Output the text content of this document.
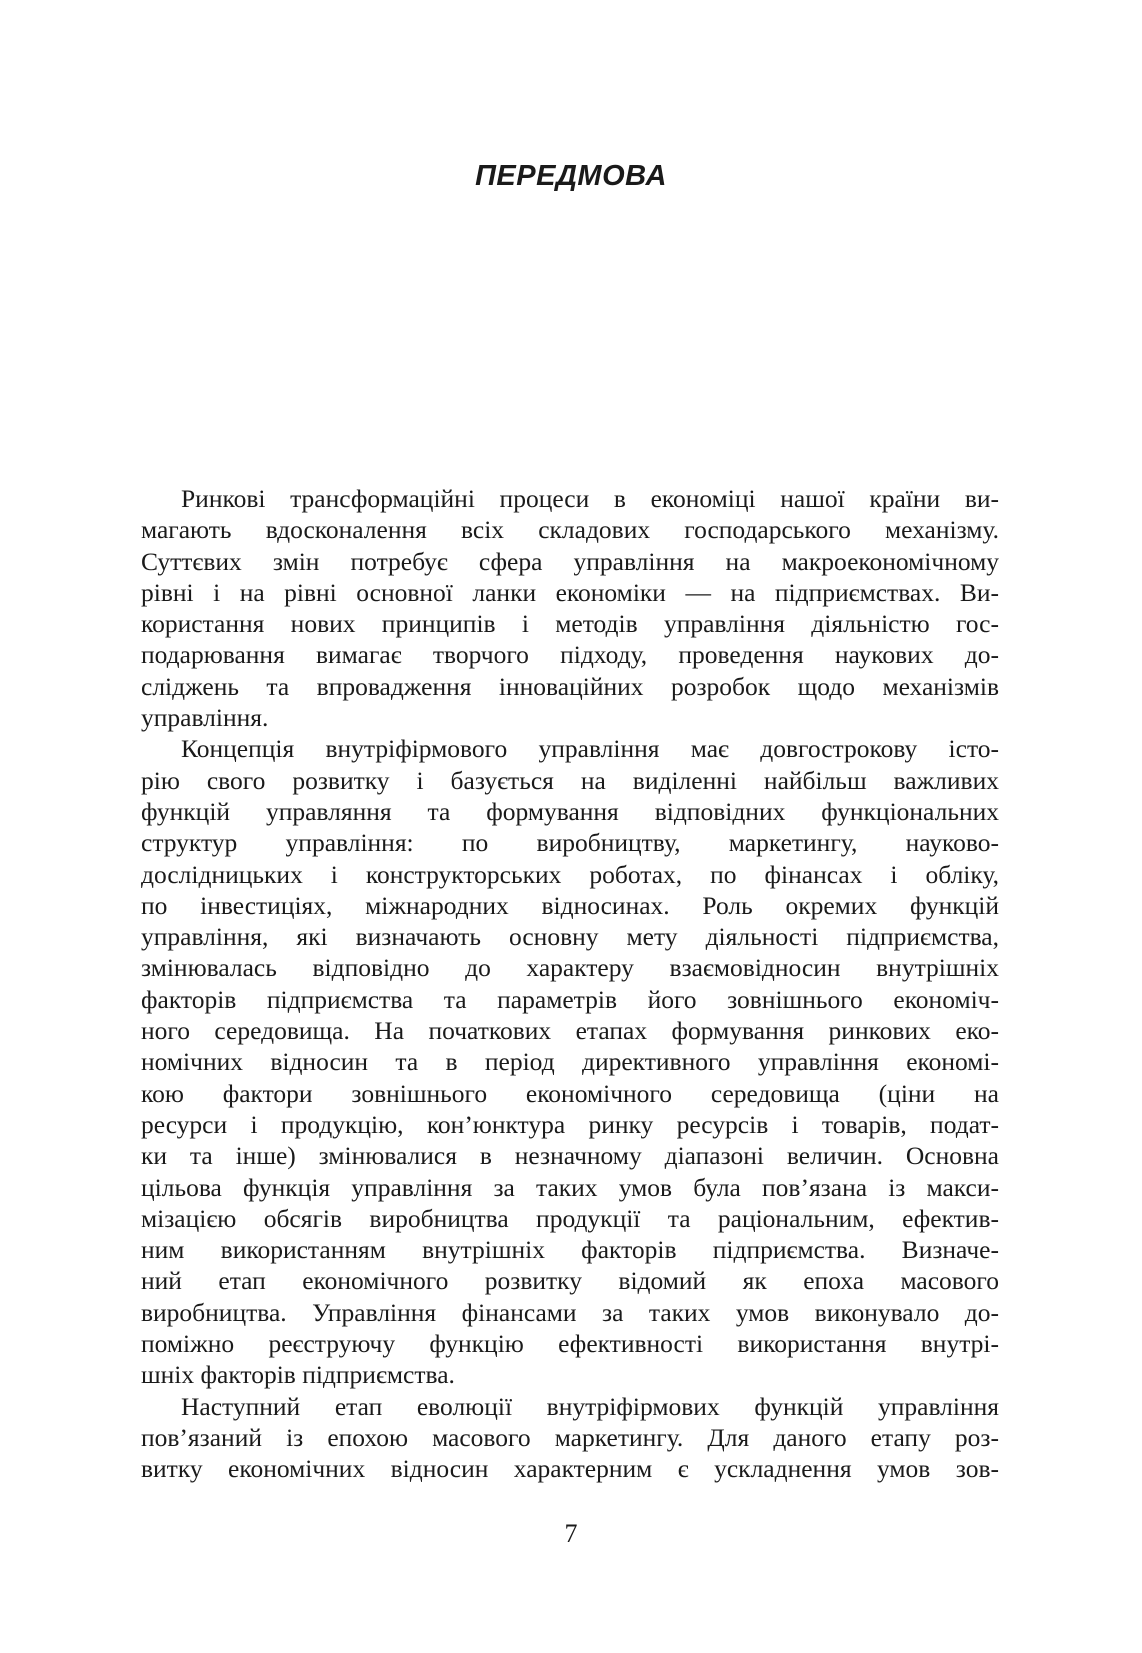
ПЕРЕДМОВА
Ринкові трансформаційні процеси в економіці нашої країни ви-
магають вдосконалення всіх складових господарського механізму.
Суттєвих змін потребує сфера управління на макроекономічному
рівні і на рівні основної ланки економіки — на підприємствах. Ви-
користання нових принципів і методів управління діяльністю гос-
подарювання вимагає творчого підходу, проведення наукових до-
сліджень та впровадження інноваційних розробок щодо механізмів
управління.
Концепція внутріфірмового управління має довгострокову істо-
рію свого розвитку і базується на виділенні найбільш важливих
функцій управляння та формування відповідних функціональних
структур управління: по виробництву, маркетингу, науково-
дослідницьких і конструкторських роботах, по фінансах і обліку,
по інвестиціях, міжнародних відносинах. Роль окремих функцій
управління, які визначають основну мету діяльності підприємства,
змінювалась відповідно до характеру взаємовідносин внутрішніх
факторів підприємства та параметрів його зовнішнього економіч-
ного середовища. На початкових етапах формування ринкових еко-
номічних відносин та в період директивного управління економі-
кою фактори зовнішнього економічного середовища (ціни на
ресурси і продукцію, кон’юнктура ринку ресурсів і товарів, подат-
ки та інше) змінювалися в незначному діапазоні величин. Основна
цільова функція управління за таких умов була пов’язана із макси-
мізацією обсягів виробництва продукції та раціональним, ефектив-
ним використанням внутрішніх факторів підприємства. Визначе-
ний етап економічного розвитку відомий як епоха масового
виробництва. Управління фінансами за таких умов виконувало до-
поміжно реєструючу функцію ефективності використання внутрі-
шніх факторів підприємства.
Наступний етап еволюції внутріфірмових функцій управління
пов’язаний із епохою масового маркетингу. Для даного етапу роз-
витку економічних відносин характерним є ускладнення умов зов-
7
